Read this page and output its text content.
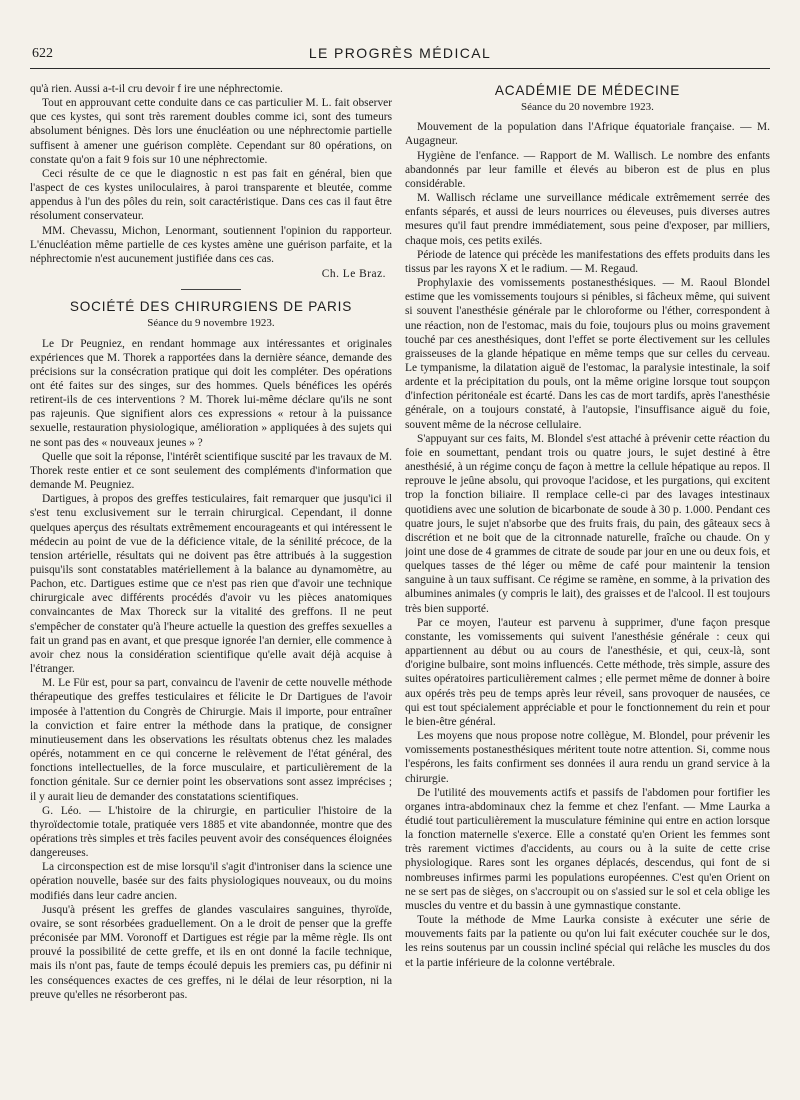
622	LE PROGRÈS MÉDICAL

qu'à rien. Aussi a-t-il cru devoir f ire une néphrectomie.

Tout en approuvant cette conduite dans ce cas particulier M. L. fait observer que ces kystes, qui sont très rarement doubles comme ici, sont des tumeurs absolument bénignes. Dès lors une énucléation ou une néphrectomie partielle suffisent à amener une guérison complète. Cependant sur 80 opérations, on constate qu'on a fait 9 fois sur 10 une néphrectomie.

Ceci résulte de ce que le diagnostic n est pas fait en général, bien que l'aspect de ces kystes uniloculaires, à paroi transparente et bleutée, comme appendus à l'un des pôles du rein, soit caractéristique. Dans ces cas il faut être résolument conservateur.

MM. Chevassu, Michon, Lenormant, soutiennent l'opinion du rapporteur. L'énucléation même partielle de ces kystes amène une guérison parfaite, et la néphrectomie n'est aucunement justifiée dans ces cas.

Ch. Le Braz.
SOCIÉTÉ DES CHIRURGIENS DE PARIS
Séance du 9 novembre 1923.

Le Dr Peugniez, en rendant hommage aux intéressantes et originales expériences que M. Thorek a rapportées dans la dernière séance, demande des précisions sur la consécration pratique qui doit les compléter. Des opérations ont été faites sur des singes, sur des hommes. Quels bénéfices les opérés retirent-ils de ces interventions ? M. Thorek lui-même déclare qu'ils ne sont pas rajeunis. Que signifient alors ces expressions « retour à la puissance sexuelle, restauration physiologique, amélioration » appliquées à des sujets qui ne sont pas des « nouveaux jeunes » ?

Quelle que soit la réponse, l'intérêt scientifique suscité par les travaux de M. Thorek reste entier et ce sont seulement des compléments d'information que demande M. Peugniez.

Dartigues, à propos des greffes testiculaires, fait remarquer que jusqu'ici il s'est tenu exclusivement sur le terrain chirurgical. Cependant, il donne quelques aperçus des résultats extrêmement encourageants et qui intéressent le médecin au point de vue de la déficience vitale, de la sénilité précoce, de la tension artérielle, résultats qui ne doivent pas être attribués à la suggestion puisqu'ils sont constatables matériellement à la balance au dynamomètre, au Pachon, etc. Dartigues estime que ce n'est pas rien que d'avoir une technique chirurgicale avec différents procédés d'avoir vu les pièces anatomiques convaincantes de Max Thoreck sur la vitalité des greffons. Il ne peut s'empêcher de constater qu'à l'heure actuelle la question des greffes sexuelles a fait un grand pas en avant, et que presque ignorée l'an dernier, elle commence à avoir chez nous la considération scientifique qu'elle avait déjà acquise à l'étranger.

M. Le Für est, pour sa part, convaincu de l'avenir de cette nouvelle méthode thérapeutique des greffes testiculaires et félicite le Dr Dartigues de l'avoir imposée à l'attention du Congrès de Chirurgie. Mais il importe, pour entraîner la conviction et faire entrer la méthode dans la pratique, de consigner minutieusement dans les observations les résultats obtenus chez les malades opérés, notamment en ce qui concerne le relèvement de l'état général, des fonctions intellectuelles, de la force musculaire, et particulièrement de la fonction génitale. Sur ce dernier point les observations sont assez imprécises ; il y aurait lieu de demander des constatations scientifiques.

G. Léo. — L'histoire de la chirurgie, en particulier l'histoire de la thyroïdectomie totale, pratiquée vers 1885 et vite abandonnée, montre que des opérations très simples et très faciles peuvent avoir des conséquences éloignées dangereuses.

La circonspection est de mise lorsqu'il s'agit d'introniser dans la science une opération nouvelle, basée sur des faits physiologiques nouveaux, ou du moins modifiés dans leur cadre ancien.

Jusqu'à présent les greffes de glandes vasculaires sanguines, thyroïde, ovaire, se sont résorbées graduellement. On a le droit de penser que la greffe préconisée par MM. Voronoff et Dartigues est régie par la même règle. Ils ont prouvé la possibilité de cette greffe, et ils en ont donné la facile technique, mais ils n'ont pas, faute de temps écoulé depuis les premiers cas, pu définir ni les conséquences exactes de ces greffes, ni le délai de leur résorption, ni la preuve qu'elles ne résorberont pas.

ACADÉMIE DE MÉDECINE
Séance du 20 novembre 1923.

Mouvement de la population dans l'Afrique équatoriale française. — M. Augagneur.

Hygiène de l'enfance. — Rapport de M. Wallisch. Le nombre des enfants abandonnés par leur famille et élevés au biberon est de plus en plus considérable.

M. Wallisch réclame une surveillance médicale extrêmement serrée des enfants séparés, et aussi de leurs nourrices ou éleveuses, puis diverses autres mesures qu'il faut prendre immédiatement, sous peine d'exposer, par milliers, chaque mois, ces petits exilés.

Période de latence qui précède les manifestations des effets produits dans les tissus par les rayons X et le radium. — M. Regaud.

Prophylaxie des vomissements postanesthésiques. — M. Raoul Blondel estime que les vomissements toujours si pénibles, si fâcheux même, qui suivent si souvent l'anesthésie générale par le chloroforme ou l'éther, correspondent à une réaction, non de l'estomac, mais du foie, toujours plus ou moins gravement touché par ces anesthésiques, dont l'effet se porte électivement sur les cellules graisseuses de la glande hépatique en même temps que sur celles du cerveau. Le tympanisme, la dilatation aiguë de l'estomac, la paralysie intestinale, la soif ardente et la précipitation du pouls, ont la même origine lorsque tout soupçon d'infection péritonéale est écarté. Dans les cas de mort tardifs, après l'anesthésie générale, on a toujours constaté, à l'autopsie, l'insuffisance aiguë du foie, souvent même de la nécrose cellulaire.

S'appuyant sur ces faits, M. Blondel s'est attaché à prévenir cette réaction du foie en soumettant, pendant trois ou quatre jours, le sujet destiné à être anesthésié, à un régime conçu de façon à mettre la cellule hépatique au repos. Il reprouve le jeûne absolu, qui provoque l'acidose, et les purgations, qui excitent trop la fonction biliaire. Il remplace celle-ci par des lavages intestinaux quotidiens avec une solution de bicarbonate de soude à 30 p. 1.000. Pendant ces quatre jours, le sujet n'absorbe que des fruits frais, du pain, des gâteaux secs à discrétion et ne boit que de la citronnade naturelle, fraîche ou chaude. On y joint une dose de 4 grammes de citrate de soude par jour en une ou deux fois, et quelques tasses de thé léger ou même de café pour maintenir la tension sanguine à un taux suffisant. Ce régime se ramène, en somme, à la privation des albumines animales (y compris le lait), des graisses et de l'alcool. Il est toujours très bien supporté.

Par ce moyen, l'auteur est parvenu à supprimer, d'une façon presque constante, les vomissements qui suivent l'anesthésie générale : ceux qui appartiennent au début ou au cours de l'anesthésie, et qui, ceux-là, sont d'origine bulbaire, sont moins influencés. Cette méthode, très simple, assure des suites opératoires particulièrement calmes ; elle permet même de donner à boire aux opérés très peu de temps après leur réveil, sans provoquer de nausées, ce qui est tout spécialement appréciable et pour le fonctionnement du rein et pour le bien-être général.

Les moyens que nous propose notre collègue, M. Blondel, pour prévenir les vomissements postanesthésiques méritent toute notre attention. Si, comme nous l'espérons, les faits confirment ses données il aura rendu un grand service à la chirurgie.

De l'utilité des mouvements actifs et passifs de l'abdomen pour fortifier les organes intra-abdominaux chez la femme et chez l'enfant. — Mme Laurka a étudié tout particulièrement la musculature féminine qui entre en action lorsque la fonction maternelle s'exerce. Elle a constaté qu'en Orient les femmes sont très rarement victimes d'accidents, au cours ou à la suite de cette crise physiologique. Rares sont les organes déplacés, descendus, qui font de si nombreuses infirmes parmi les populations européennes. C'est qu'en Orient on ne se sert pas de sièges, on s'accroupit ou on s'assied sur le sol et cela oblige les muscles du ventre et du bassin à une gymnastique constante.

Toute la méthode de Mme Laurka consiste à exécuter une série de mouvements faits par la patiente ou qu'on lui fait exécuter couchée sur le dos, les reins soutenus par un coussin incliné spécial qui relâche les muscles du dos et la partie inférieure de la colonne vertébrale.
